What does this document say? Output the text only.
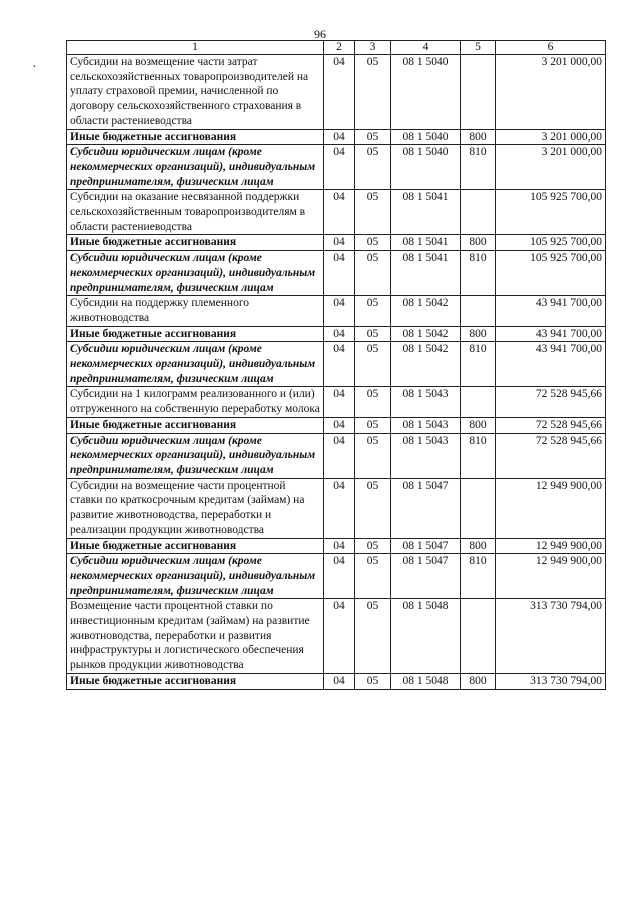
96
·
1	2	3	4	5	6
Субсидии на возмещение части затрат сельскохозяйственных товаропроизводителей на уплату страховой премии, начисленной по договору сельскохозяйственного страхования в области растениеводства	04	05	08 1 5040		3 201 000,00
Иные бюджетные ассигнования	04	05	08 1 5040	800	3 201 000,00
Субсидии юридическим лицам (кроме некоммерческих организаций), индивидуальным предпринимателям, физическим лицам	04	05	08 1 5040	810	3 201 000,00
Субсидии на оказание несвязанной поддержки сельскохозяйственным товаропроизводителям в области растениеводства	04	05	08 1 5041		105 925 700,00
Иные бюджетные ассигнования	04	05	08 1 5041	800	105 925 700,00
Субсидии юридическим лицам (кроме некоммерческих организаций), индивидуальным предпринимателям, физическим лицам	04	05	08 1 5041	810	105 925 700,00
Субсидии на поддержку племенного животноводства	04	05	08 1 5042		43 941 700,00
Иные бюджетные ассигнования	04	05	08 1 5042	800	43 941 700,00
Субсидии юридическим лицам (кроме некоммерческих организаций), индивидуальным предпринимателям, физическим лицам	04	05	08 1 5042	810	43 941 700,00
Субсидии на 1 килограмм реализованного и (или) отгруженного на собственную переработку молока	04	05	08 1 5043		72 528 945,66
Иные бюджетные ассигнования	04	05	08 1 5043	800	72 528 945,66
Субсидии юридическим лицам (кроме некоммерческих организаций), индивидуальным предпринимателям, физическим лицам	04	05	08 1 5043	810	72 528 945,66
Субсидии на возмещение части процентной ставки по краткосрочным кредитам (займам) на развитие животноводства, переработки и реализации продукции животноводства	04	05	08 1 5047		12 949 900,00
Иные бюджетные ассигнования	04	05	08 1 5047	800	12 949 900,00
Субсидии юридическим лицам (кроме некоммерческих организаций), индивидуальным предпринимателям, физическим лицам	04	05	08 1 5047	810	12 949 900,00
Возмещение части процентной ставки по инвестиционным кредитам (займам) на развитие животноводства, переработки и развития инфраструктуры и логистического обеспечения рынков продукции животноводства	04	05	08 1 5048		313 730 794,00
Иные бюджетные ассигнования	04	05	08 1 5048	800	313 730 794,00
